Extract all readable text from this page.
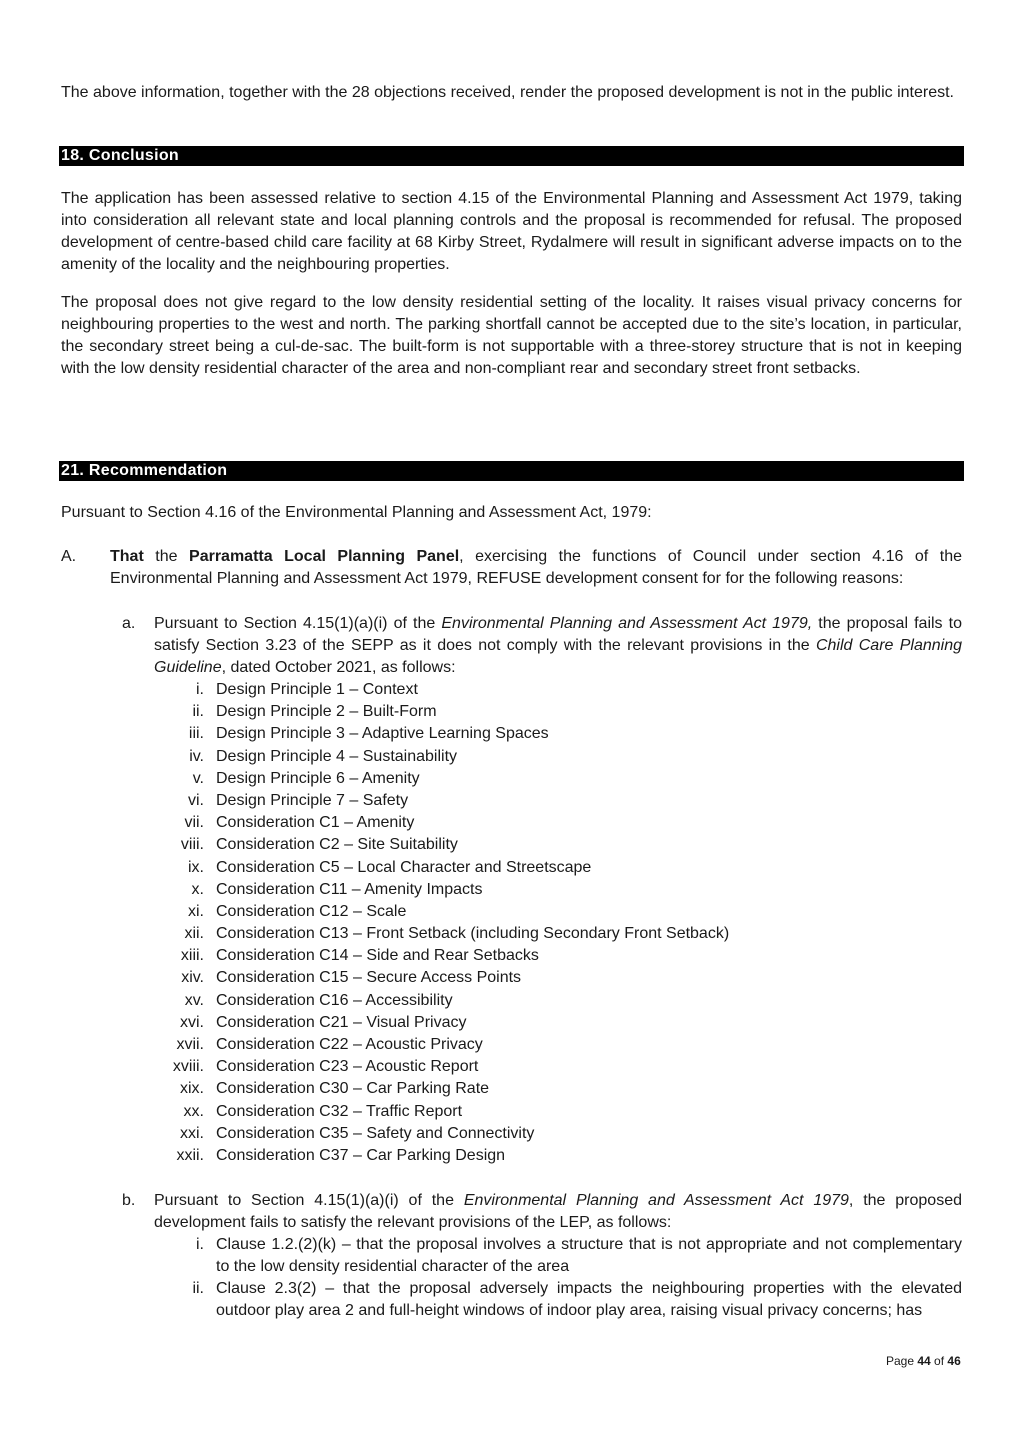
The above information, together with the 28 objections received, render the proposed development is not in the public interest.

18. Conclusion

The application has been assessed relative to section 4.15 of the Environmental Planning and Assessment Act 1979, taking into consideration all relevant state and local planning controls and the proposal is recommended for refusal. The proposed development of centre-based child care facility at 68 Kirby Street, Rydalmere will result in significant adverse impacts on to the amenity of the locality and the neighbouring properties.

The proposal does not give regard to the low density residential setting of the locality. It raises visual privacy concerns for neighbouring properties to the west and north. The parking shortfall cannot be accepted due to the site’s location, in particular, the secondary street being a cul-de-sac. The built-form is not supportable with a three-storey structure that is not in keeping with the low density residential character of the area and non-compliant rear and secondary street front setbacks.

21. Recommendation

Pursuant to Section 4.16 of the Environmental Planning and Assessment Act, 1979:

A. That the Parramatta Local Planning Panel, exercising the functions of Council under section 4.16 of the Environmental Planning and Assessment Act 1979, REFUSE development consent for for the following reasons:

a. Pursuant to Section 4.15(1)(a)(i) of the Environmental Planning and Assessment Act 1979, the proposal fails to satisfy Section 3.23 of the SEPP as it does not comply with the relevant provisions in the Child Care Planning Guideline, dated October 2021, as follows:

i. Design Principle 1 – Context
ii. Design Principle 2 – Built-Form
iii. Design Principle 3 – Adaptive Learning Spaces
iv. Design Principle 4 – Sustainability
v. Design Principle 6 – Amenity
vi. Design Principle 7 – Safety
vii. Consideration C1 – Amenity
viii. Consideration C2 – Site Suitability
ix. Consideration C5 – Local Character and Streetscape
x. Consideration C11 – Amenity Impacts
xi. Consideration C12 – Scale
xii. Consideration C13 – Front Setback (including Secondary Front Setback)
xiii. Consideration C14 – Side and Rear Setbacks
xiv. Consideration C15 – Secure Access Points
xv. Consideration C16 – Accessibility
xvi. Consideration C21 – Visual Privacy
xvii. Consideration C22 – Acoustic Privacy
xviii. Consideration C23 – Acoustic Report
xix. Consideration C30 – Car Parking Rate
xx. Consideration C32 – Traffic Report
xxi. Consideration C35 – Safety and Connectivity
xxii. Consideration C37 – Car Parking Design
b. Pursuant to Section 4.15(1)(a)(i) of the Environmental Planning and Assessment Act 1979, the proposed development fails to satisfy the relevant provisions of the LEP, as follows:

i. Clause 1.2.(2)(k) – that the proposal involves a structure that is not appropriate and not complementary to the low density residential character of the area
ii. Clause 2.3(2) – that the proposal adversely impacts the neighbouring properties with the elevated outdoor play area 2 and full-height windows of indoor play area, raising visual privacy concerns; has
Page 44 of 46
